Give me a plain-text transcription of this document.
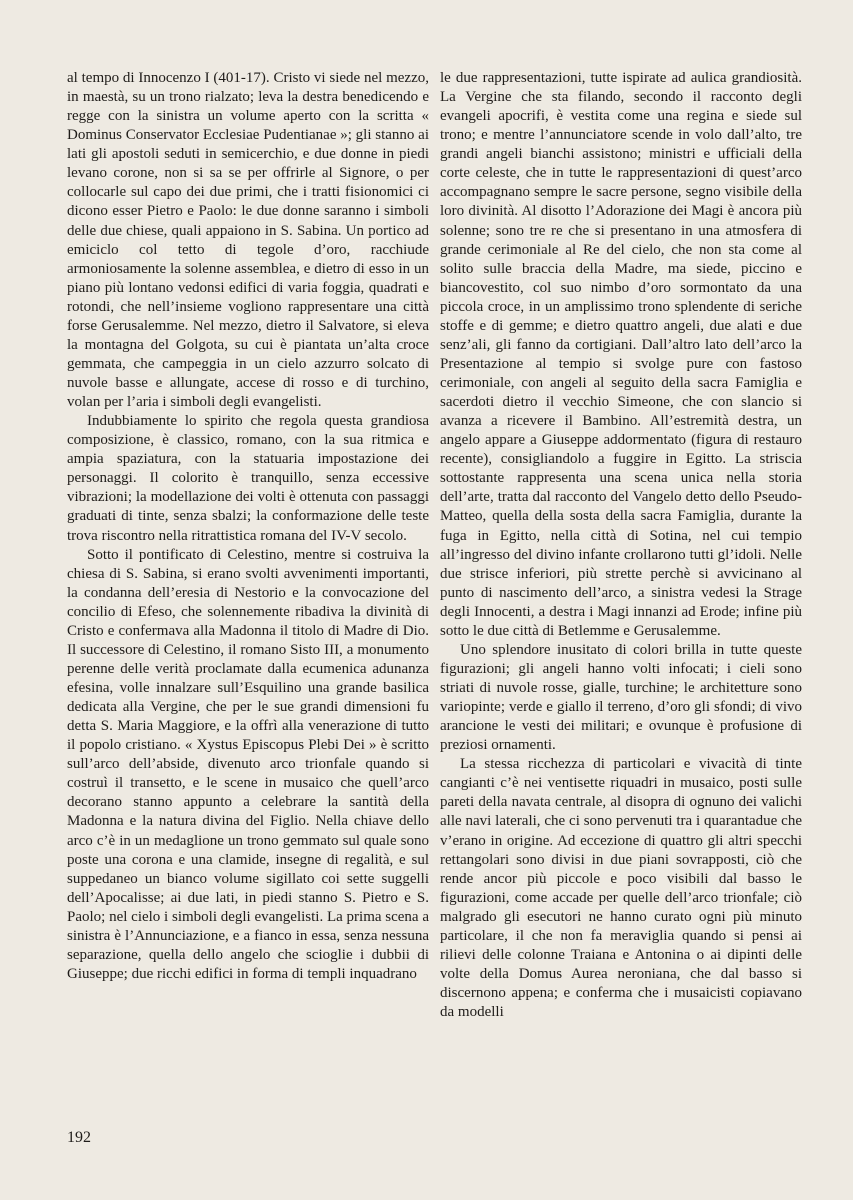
al tempo di Innocenzo I (401-17). Cristo vi siede nel mezzo, in maestà, su un trono rialzato; leva la destra benedicendo e regge con la sinistra un volume aperto con la scritta « Dominus Conservator Ecclesiae Pudentianae »; gli stanno ai lati gli apostoli seduti in semicerchio, e due donne in piedi levano corone, non si sa se per offrirle al Signore, o per collocarle sul capo dei due primi, che i tratti fisionomici ci dicono esser Pietro e Paolo: le due donne saranno i simboli delle due chiese, quali appaiono in S. Sabina. Un portico ad emiciclo col tetto di tegole d’oro, racchiude armoniosamente la solenne assemblea, e dietro di esso in un piano più lontano vedonsi edifici di varia foggia, quadrati e rotondi, che nell’insieme vogliono rappresentare una città forse Gerusalemme. Nel mezzo, dietro il Salvatore, si eleva la montagna del Golgota, su cui è piantata un’alta croce gemmata, che campeggia in un cielo azzurro solcato di nuvole basse e allungate, accese di rosso e di turchino, volan per l’aria i simboli degli evangelisti.

Indubbiamente lo spirito che regola questa grandiosa composizione, è classico, romano, con la sua ritmica e ampia spaziatura, con la statuaria impostazione dei personaggi. Il colorito è tranquillo, senza eccessive vibrazioni; la modellazione dei volti è ottenuta con passaggi graduati di tinte, senza sbalzi; la conformazione delle teste trova riscontro nella ritrattistica romana del IV-V secolo.

Sotto il pontificato di Celestino, mentre si costruiva la chiesa di S. Sabina, si erano svolti avvenimenti importanti, la condanna dell’eresia di Nestorio e la convocazione del concilio di Efeso, che solennemente ribadiva la divinità di Cristo e confermava alla Madonna il titolo di Madre di Dio. Il successore di Celestino, il romano Sisto III, a monumento perenne delle verità proclamate dalla ecumenica adunanza efesina, volle innalzare sull’Esquilino una grande basilica dedicata alla Vergine, che per le sue grandi dimensioni fu detta S. Maria Maggiore, e la offrì alla venerazione di tutto il popolo cristiano. « Xystus Episcopus Plebi Dei » è scritto sull’arco dell’abside, divenuto arco trionfale quando si costruì il transetto, e le scene in musaico che quell’arco decorano stanno appunto a celebrare la santità della Madonna e la natura divina del Figlio. Nella chiave dello arco c’è in un medaglione un trono gemmato sul quale sono poste una corona e una clamide, insegne di regalità, e sul suppedaneo un bianco volume sigillato coi sette suggelli dell’Apocalisse; ai due lati, in piedi stanno S. Pietro e S. Paolo; nel cielo i simboli degli evangelisti. La prima scena a sinistra è l’Annunciazione, e a fianco in essa, senza nessuna separazione, quella dello angelo che scioglie i dubbii di Giuseppe; due ricchi edifici in forma di templi inquadrano

le due rappresentazioni, tutte ispirate ad aulica grandiosità. La Vergine che sta filando, secondo il racconto degli evangeli apocrifi, è vestita come una regina e siede sul trono; e mentre l’annunciatore scende in volo dall’alto, tre grandi angeli bianchi assistono; ministri e ufficiali della corte celeste, che in tutte le rappresentazioni di quest’arco accompagnano sempre le sacre persone, segno visibile della loro divinità. Al disotto l’Adorazione dei Magi è ancora più solenne; sono tre re che si presentano in una atmosfera di grande cerimoniale al Re del cielo, che non sta come al solito sulle braccia della Madre, ma siede, piccino e biancovestito, col suo nimbo d’oro sormontato da una piccola croce, in un amplissimo trono splendente di seriche stoffe e di gemme; e dietro quattro angeli, due alati e due senz’ali, gli fanno da cortigiani. Dall’altro lato dell’arco la Presentazione al tempio si svolge pure con fastoso cerimoniale, con angeli al seguito della sacra Famiglia e sacerdoti dietro il vecchio Simeone, che con slancio si avanza a ricevere il Bambino. All’estremità destra, un angelo appare a Giuseppe addormentato (figura di restauro recente), consigliandolo a fuggire in Egitto. La striscia sottostante rappresenta una scena unica nella storia dell’arte, tratta dal racconto del Vangelo detto dello Pseudo-Matteo, quella della sosta della sacra Famiglia, durante la fuga in Egitto, nella città di Sotina, nel cui tempio all’ingresso del divino infante crollarono tutti gl’idoli. Nelle due strisce inferiori, più strette perchè si avvicinano al punto di nascimento dell’arco, a sinistra vedesi la Strage degli Innocenti, a destra i Magi innanzi ad Erode; infine più sotto le due città di Betlemme e Gerusalemme.

Uno splendore inusitato di colori brilla in tutte queste figurazioni; gli angeli hanno volti infocati; i cieli sono striati di nuvole rosse, gialle, turchine; le architetture sono variopinte; verde e giallo il terreno, d’oro gli sfondi; di vivo arancione le vesti dei militari; e ovunque è profusione di preziosi ornamenti.

La stessa ricchezza di particolari e vivacità di tinte cangianti c’è nei ventisette riquadri in musaico, posti sulle pareti della navata centrale, al disopra di ognuno dei valichi alle navi laterali, che ci sono pervenuti tra i quarantadue che v’erano in origine. Ad eccezione di quattro gli altri specchi rettangolari sono divisi in due piani sovrapposti, ciò che rende ancor più piccole e poco visibili dal basso le figurazioni, come accade per quelle dell’arco trionfale; ciò malgrado gli esecutori ne hanno curato ogni più minuto particolare, il che non fa meraviglia quando si pensi ai rilievi delle colonne Traiana e Antonina o ai dipinti delle volte della Domus Aurea neroniana, che dal basso si discernono appena; e conferma che i musaicisti copiavano da modelli

192
